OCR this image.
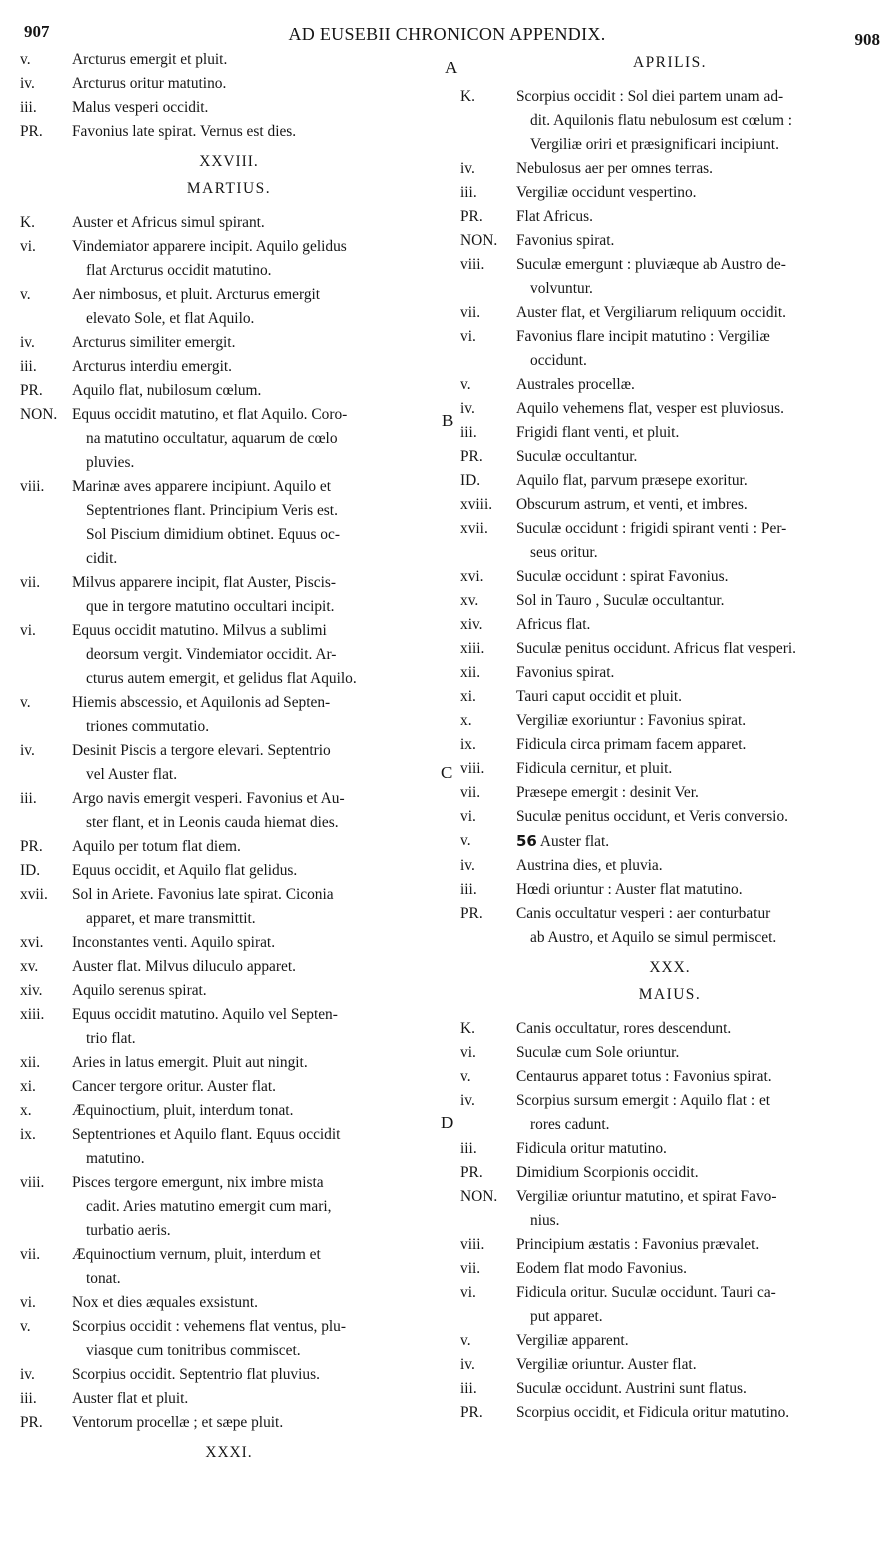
907	AD EUSEBII CHRONICON APPENDIX.	908
A
B
C
D
v.	Arcturus emergit et pluit.
iv.	Arcturus oritur matutino.
iii.	Malus vesperi occidit.
PR.	Favonius late spirat. Vernus est dies.
XXVIII.
MARTIUS.
K.	Auster et Africus simul spirant.
vi.	Vindemiator apparere incipit. Aquilo gelidus
flat Arcturus occidit matutino.
v.	Aer nimbosus, et pluit. Arcturus emergit
elevato Sole, et flat Aquilo.
iv.	Arcturus similiter emergit.
iii.	Arcturus interdiu emergit.
PR.	Aquilo flat, nubilosum cœlum.
NON. Equus occidit matutino, et flat Aquilo. Coro-
na matutino occultatur, aquarum de cœlo
pluvies.
viii.	Marinæ aves apparere incipiunt. Aquilo et
Septentriones flant. Principium Veris est.
Sol Piscium dimidium obtinet. Equus oc-
cidit.
vii.	Milvus apparere incipit, flat Auster, Piscis-
que in tergore matutino occultari incipit.
vi.	Equus occidit matutino. Milvus a sublimi
deorsum vergit. Vindemiator occidit. Ar-
cturus autem emergit, et gelidus flat Aquilo.
v.	Hiemis abscessio, et Aquilonis ad Septen-
triones commutatio.
iv.	Desinit Piscis a tergore elevari. Septentrio
vel Auster flat.
iii.	Argo navis emergit vesperi. Favonius et Au-
ster flant, et in Leonis cauda hiemat dies.
PR.	Aquilo per totum flat diem.
ID.	Equus occidit, et Aquilo flat gelidus.
xvii.	Sol in Ariete. Favonius late spirat. Ciconia
apparet, et mare transmittit.
xvi.	Inconstantes venti. Aquilo spirat.
xv.	Auster flat. Milvus diluculo apparet.
xiv.	Aquilo serenus spirat.
xiii.	Equus occidit matutino. Aquilo vel Septen-
trio flat.
xii.	Aries in latus emergit. Pluit aut ningit.
xi.	Cancer tergore oritur. Auster flat.
x.	Æquinoctium, pluit, interdum tonat.
ix.	Septentriones et Aquilo flant. Equus occidit
matutino.
viii.	Pisces tergore emergunt, nix imbre mista
cadit. Aries matutino emergit cum mari,
turbatio aeris.
vii.	Æquinoctium vernum, pluit, interdum et
tonat.
vi.	Nox et dies æquales exsistunt.
v.	Scorpius occidit : vehemens flat ventus, plu-
viasque cum tonitribus commiscet.
iv.	Scorpius occidit. Septentrio flat pluvius.
iii.	Auster flat et pluit.
PR.	Ventorum procellæ ; et sæpe pluit.
XXXI.
APRILIS.
K.	Scorpius occidit : Sol diei partem unam ad-
dit. Aquilonis flatu nebulosum est cœlum :
Vergiliæ oriri et præsignificari incipiunt.
iv.	Nebulosus aer per omnes terras.
iii.	Vergiliæ occidunt vespertino.
PR.	Flat Africus.
NON.	Favonius spirat.
viii.	Suculæ emergunt : pluviæque ab Austro de-
volvuntur.
vii.	Auster flat, et Vergiliarum reliquum occidit.
vi.	Favonius flare incipit matutino : Vergiliæ
occidunt.
v.	Australes procellæ.
iv.	Aquilo vehemens flat, vesper est pluviosus.
iii.	Frigidi flant venti, et pluit.
PR.	Suculæ occultantur.
ID.	Aquilo flat, parvum præsepe exoritur.
xviii.	Obscurum astrum, et venti, et imbres.
xvii.	Suculæ occidunt : frigidi spirant venti : Per-
seus oritur.
xvi.	Suculæ occidunt : spirat Favonius.
xv.	Sol in Tauro , Suculæ occultantur.
xiv.	Africus flat.
xiii.	Suculæ penitus occidunt. Africus flat vesperi.
xii.	Favonius spirat.
xi.	Tauri caput occidit et pluit.
x.	Vergiliæ exoriuntur : Favonius spirat.
ix.	Fidicula circa primam facem apparet.
viii.	Fidicula cernitur, et pluit.
vii.	Præsepe emergit : desinit Ver.
vi.	Suculæ penitus occidunt, et Veris conversio.
v.	56 Auster flat.
iv.	Austrina dies, et pluvia.
iii.	Hœdi oriuntur : Auster flat matutino.
PR.	Canis occultatur vesperi : aer conturbatur
ab Austro, et Aquilo se simul permiscet.
XXX.
MAIUS.
K.	Canis occultatur, rores descendunt.
vi.	Suculæ cum Sole oriuntur.
v.	Centaurus apparet totus : Favonius spirat.
iv.	Scorpius sursum emergit : Aquilo flat : et
rores cadunt.
iii.	Fidicula oritur matutino.
PR.	Dimidium Scorpionis occidit.
NON.	Vergiliæ oriuntur matutino, et spirat Favo-
nius.
viii.	Principium æstatis : Favonius prævalet.
vii.	Eodem flat modo Favonius.
vi.	Fidicula oritur. Suculæ occidunt. Tauri ca-
put apparet.
v.	Vergiliæ apparent.
iv.	Vergiliæ oriuntur. Auster flat.
iii.	Suculæ occidunt. Austrini sunt flatus.
PR.	Scorpius occidit, et Fidicula oritur matutino.
